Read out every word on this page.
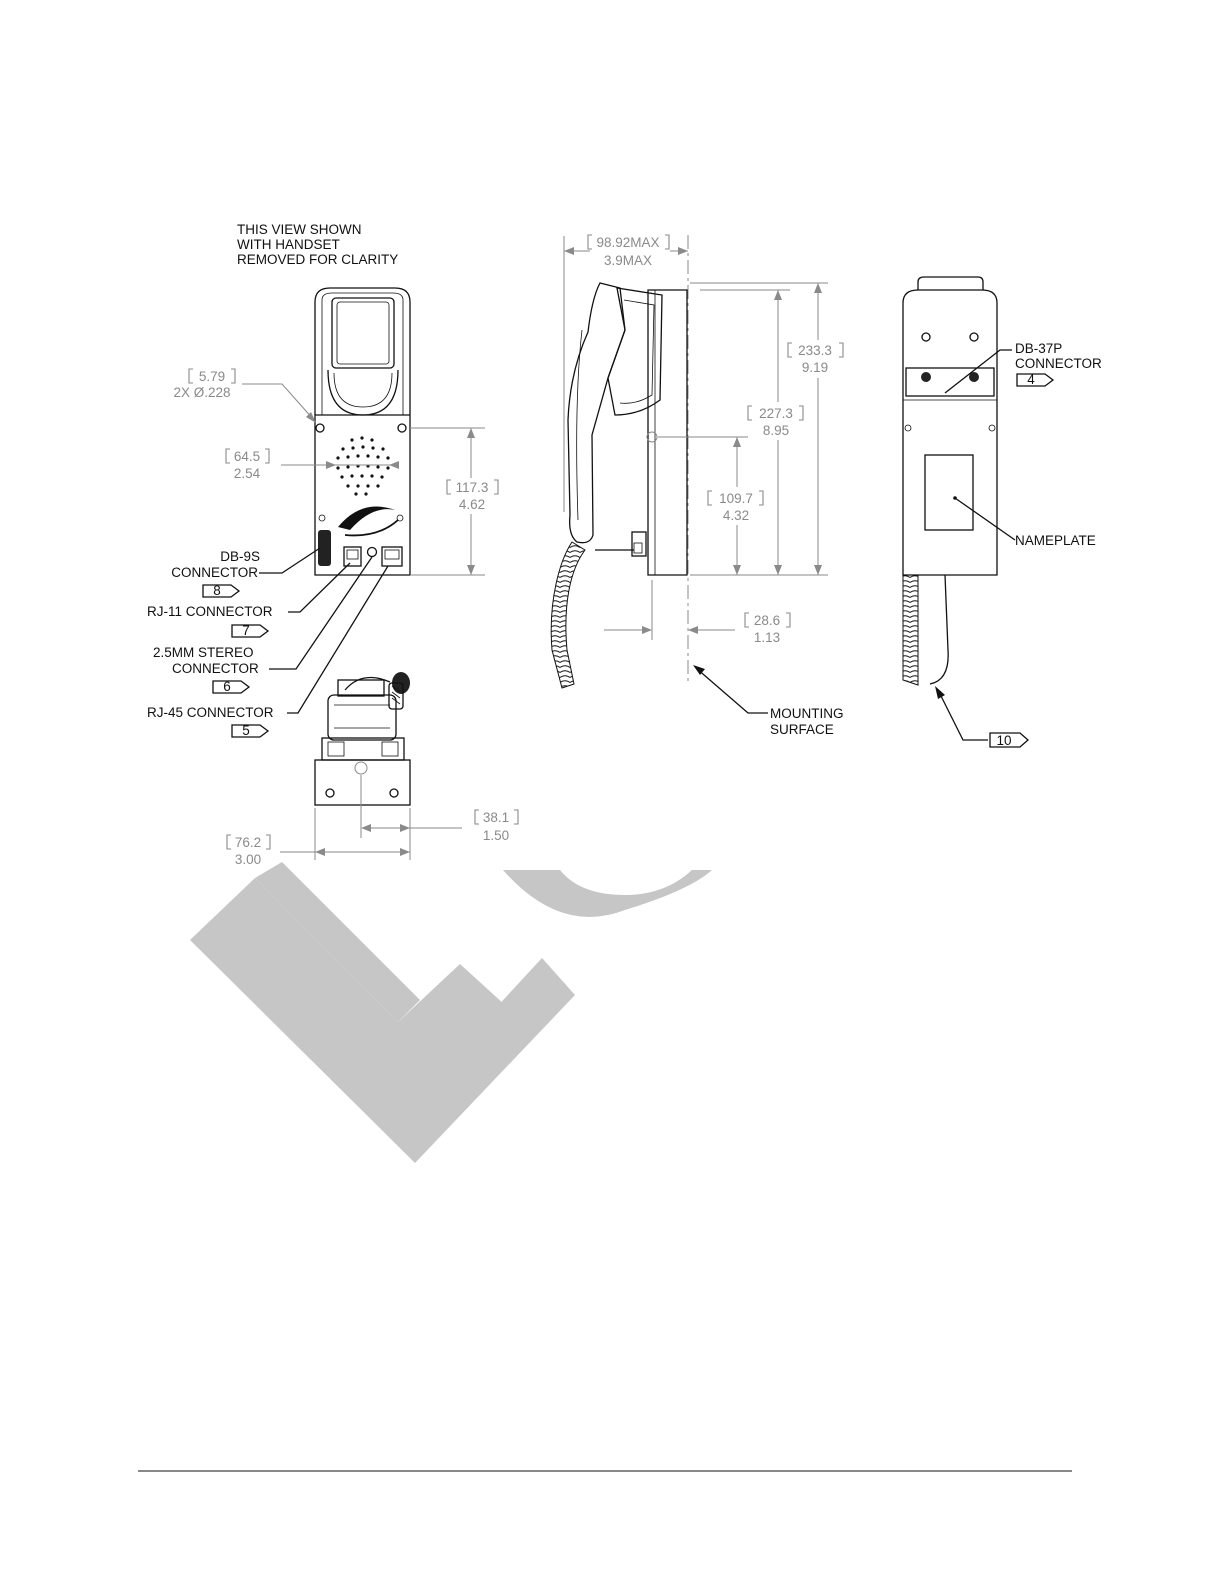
THIS VIEW SHOWN
WITH HANDSET
REMOVED FOR CLARITY
5.79
2X Ø.228
64.5
2.54
117.3
4.62
DB-9S
CONNECTOR
8
RJ-11 CONNECTOR
7
2.5MM STEREO
CONNECTOR
6
RJ-45 CONNECTOR
5
38.1
1.50
76.2
3.00
98.92MAX
3.9MAX
233.3
9.19
227.3
8.95
109.7
4.32
28.6
1.13
MOUNTING
SURFACE
DB-37P
CONNECTOR
4
NAMEPLATE
10
